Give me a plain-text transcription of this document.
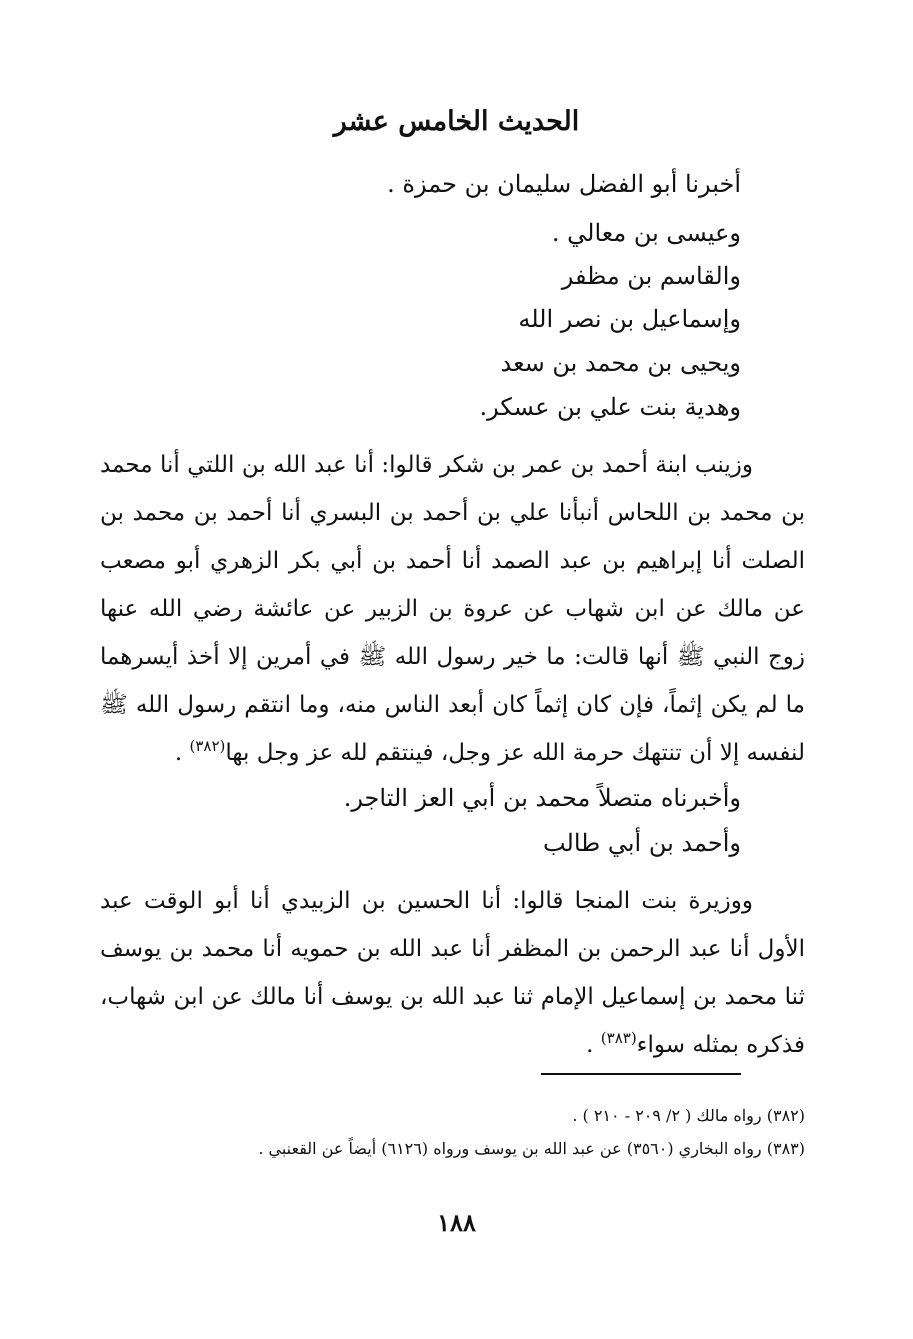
الحديث الخامس عشر
أخبرنا أبو الفضل سليمان بن حمزة .
وعيسى بن معالي .
والقاسم بن مظفر
وإسماعيل بن نصر الله
ويحيى بن محمد بن سعد
وهدية بنت علي بن عسكر.

وزينب ابنة أحمد بن عمر بن شكر قالوا: أنا عبد الله بن اللتي أنا محمد بن محمد بن اللحاس أنبأنا علي بن أحمد بن البسري أنا أحمد بن محمد بن الصلت أنا إبراهيم بن عبد الصمد أنا أحمد بن أبي بكر الزهري أبو مصعب عن مالك عن ابن شهاب عن عروة بن الزبير عن عائشة رضي الله عنها زوج النبي ﷺ أنها قالت: ما خير رسول الله ﷺ في أمرين إلا أخذ أيسرهما ما لم يكن إثماً، فإن كان إثماً كان أبعد الناس منه، وما انتقم رسول الله ﷺ لنفسه إلا أن تنتهك حرمة الله عز وجل، فينتقم لله عز وجل بها$^{(٣٨٢)}$ .

وأخبرناه متصلاً محمد بن أبي العز التاجر.
وأحمد بن أبي طالب

ووزيرة بنت المنجا قالوا: أنا الحسين بن الزبيدي أنا أبو الوقت عبد الأول أنا عبد الرحمن بن المظفر أنا عبد الله بن حمويه أنا محمد بن يوسف ثنا محمد بن إسماعيل الإمام ثنا عبد الله بن يوسف أنا مالك عن ابن شهاب، فذكره بمثله سواء$^{(٣٨٣)}$ .

(٣٨٢) رواه مالك ( ٢/ ٢٠٩ - ٢١٠ ) .
(٣٨٣) رواه البخاري (٣٥٦٠) عن عبد الله بن يوسف ورواه (٦١٢٦) أيضاً عن القعنبي .
١٨٨
